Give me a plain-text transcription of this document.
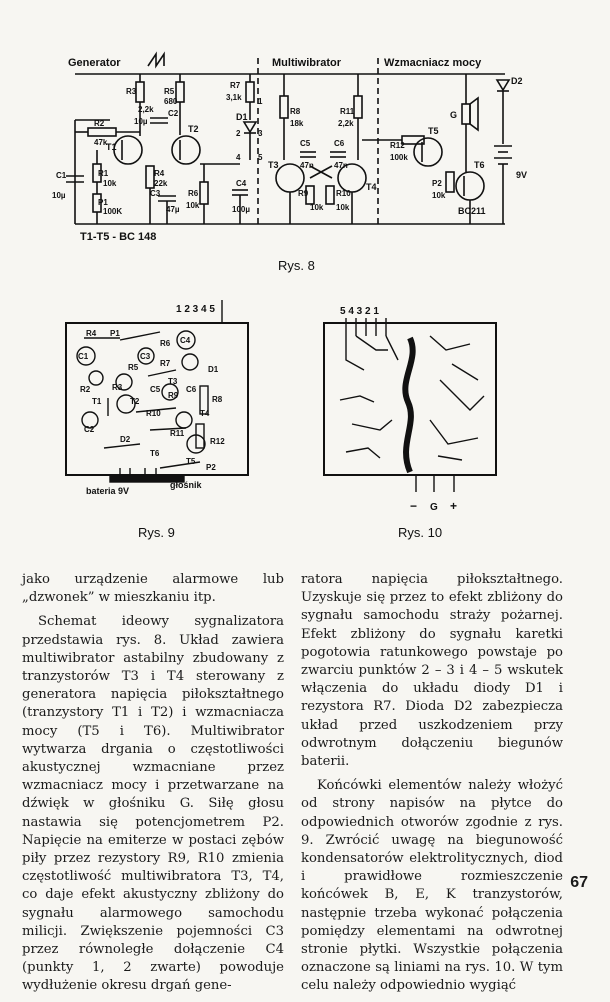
Generator	Multiwibrator	Wzmacniacz mocy
T1-T5 - BC 148
BC211
9V
D2
G
D1
R1
10k
P1
100K
R2
47k
R3
2,2k
R4
22k
R5
680
R6
10k
R7
3,1k
R8
18k
R9
10k
R10
10k
R11
2,2k
R12
100k
P2
10k
C1
10µ
C2
10µ
C3
47µ
C4
100µ
C5
47n
C6
47n
T1
T2
T3
T4
T5
T6
1
2 3
4 5
Rys. 8
1 2 3 4 5
R4 P1
C4
C3
R6
C1
R5	R7
D1
R3
T1
T3
R9	R8
T2
R10	T4
C2	R11
R12
D2
T5
T6
P2
R2	C5	C6
bateria 9V
głośnik
Rys. 9
5 4 3 2 1
− G +
Rys. 10

jako urządzenie alarmowe lub „dzwonek” w mieszkaniu itp.

Schemat ideowy sygnalizatora przedstawia rys. 8. Układ zawiera multiwibrator astabilny zbudowany z tranzystorów T3 i T4 sterowany z generatora napięcia piłokształtnego (tranzystory T1 i T2) i wzmacniacza mocy (T5 i T6). Multiwibrator wytwarza drgania o częstotliwości akustycznej wzmacniane przez wzmacniacz mocy i przetwarzane na dźwięk w głośniku G. Siłę głosu nastawia się potencjometrem P2. Napięcie na emiterze w postaci zębów piły przez rezystory R9, R10 zmienia częstotliwość multiwibratora T3, T4, co daje efekt akustyczny zbliżony do sygnału alarmowego samochodu milicji. Zwiększenie pojemności C3 przez równoległe dołączenie C4 (punkty 1, 2 zwarte) powoduje wydłużenie okresu drgań gene-

ratora napięcia piłokształtnego. Uzyskuje się przez to efekt zbliżony do sygnału samochodu straży pożarnej. Efekt zbliżony do sygnału karetki pogotowia ratunkowego powstaje po zwarciu punktów 2 – 3 i 4 – 5 wskutek włączenia do układu diody D1 i rezystora R7. Dioda D2 zabezpiecza układ przed uszkodzeniem przy odwrotnym dołączeniu biegunów baterii.

Końcówki elementów należy włożyć od strony napisów na płytce do odpowiednich otworów zgodnie z rys. 9. Zwrócić uwagę na biegunowość kondensatorów elektrolitycznych, diod i prawidłowe rozmieszczenie końcówek B, E, K tranzystorów, następnie trzeba wykonać połączenia pomiędzy elementami na odwrotnej stronie płytki. Wszystkie połączenia oznaczone są liniami na rys. 10. W tym celu należy odpowiednio wygiąć

67
